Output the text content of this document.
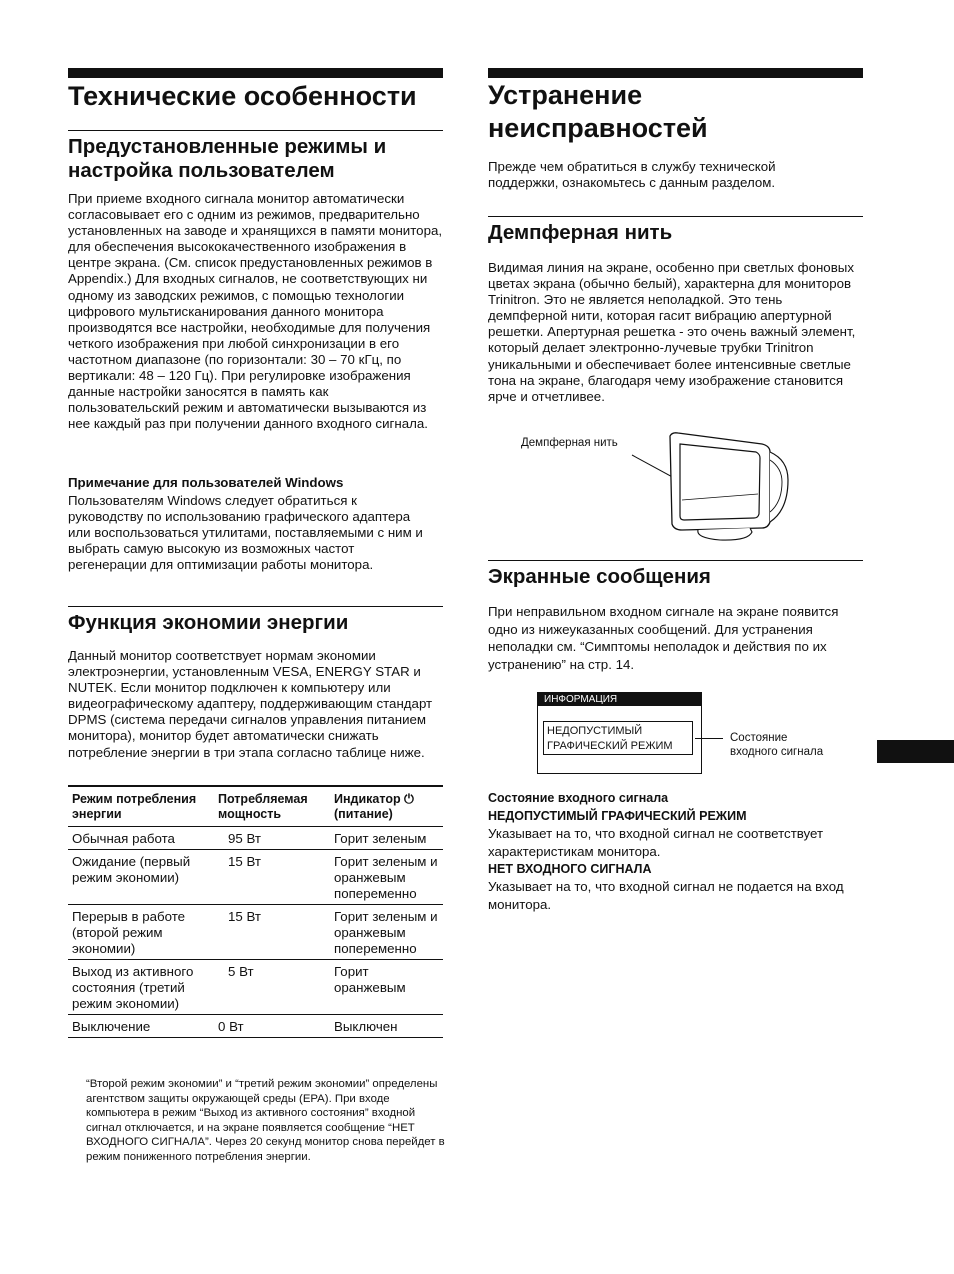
Технические особенности
Предустановленные режимы и настройка пользователем

При приеме входного сигнала монитор автоматически согласовывает его с одним из режимов, предварительно установленных на заводе и хранящихся в памяти монитора, для обеспечения высококачественного изображения в центре экрана. (См. список предустановленных режимов в Appendix.) Для входных сигналов, не соответствующих ни одному из заводских режимов, с помощью технологии цифрового мультисканирования данного монитора производятся все настройки, необходимые для получения четкого изображения при любой синхронизации в его частотном диапазоне (по горизонтали: 30 – 70 кГц, по вертикали: 48 – 120 Гц). При регулировке изображения данные настройки заносятся в память как пользовательский режим и автоматически вызываются из нее каждый раз при получении данного входного сигнала.

Примечание для пользователей Windows

Пользователям Windows следует обратиться к руководству по использованию графического адаптера или воспользоваться утилитами, поставляемыми с ним и выбрать самую высокую из возможных частот регенерации для оптимизации работы монитора.

Функция экономии энергии

Данный монитор соответствует нормам экономии электроэнергии, установленным VESA, ENERGY STAR и NUTEK. Если монитор подключен к компьютеру или видеографическому адаптеру, поддерживающим стандарт DPMS (система передачи сигналов управления питанием монитора), монитор будет автоматически снижать потребление энергии в три этапа согласно таблице ниже.

Режим потребления энергии	Потребляемая мощность	Индикатор ⏻ (питание)
Обычная работа	95 Вт	Горит зеленым
Ожидание (первый режим экономии)	15 Вт	Горит зеленым и оранжевым попеременно
Перерыв в работе (второй режим экономии)	15 Вт	Горит зеленым и оранжевым попеременно
Выход из активного состояния (третий режим экономии)	5 Вт	Горит оранжевым
Выключение	0 Вт	Выключен

“Второй режим экономии” и “третий режим экономии” определены агентством защиты окружающей среды (EPA). При входе компьютера в режим “Выход из активного состояния” входной сигнал отключается, и на экране появляется сообщение “НЕТ ВХОДНОГО СИГНАЛА”. Через 20 секунд монитор снова перейдет в режим пониженного потребления энергии.

Устранение неисправностей

Прежде чем обратиться в службу технической поддержки, ознакомьтесь с данным разделом.

Демпферная нить

Видимая линия на экране, особенно при светлых фоновых цветах экрана (обычно белый), характерна для мониторов Trinitron. Это не является неполадкой. Это тень демпферной нити, которая гасит вибрацию апертурной решетки. Апертурная решетка - это очень важный элемент, который делает электронно-лучевые трубки Trinitron уникальными и обеспечивает более интенсивные светлые тона на экране, благодаря чему изображение становится ярче и отчетливее.

Демпферная нить
Экранные сообщения

При неправильном входном сигнале на экране появится одно из нижеуказанных сообщений. Для устранения неполадки см. “Симптомы неполадок и действия по их устранению” на стр. 14.

ИНФОРМАЦИЯ
НЕДОПУСТИМЫЙ
ГРАФИЧЕСКИЙ РЕЖИМ
Состояние
входного сигнала

Состояние входного сигнала

НЕДОПУСТИМЫЙ ГРАФИЧЕСКИЙ РЕЖИМ

Указывает на то, что входной сигнал не соответствует характеристикам монитора.

НЕТ ВХОДНОГО СИГНАЛА

Указывает на то, что входной сигнал не подается на вход монитора.
